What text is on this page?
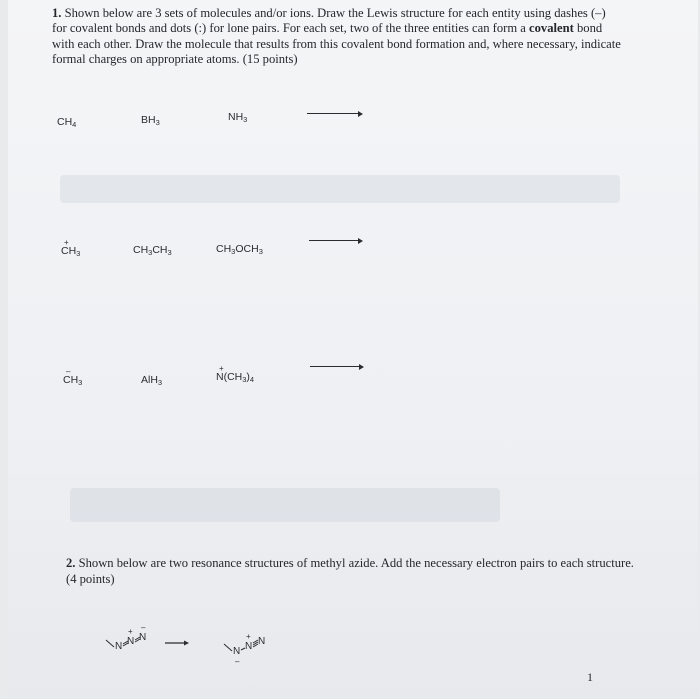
1. Shown below are 3 sets of molecules and/or ions. Draw the Lewis structure for each entity using dashes (–) for covalent bonds and dots (:) for lone pairs. For each set, two of the three entities can form a covalent bond with each other. Draw the molecule that results from this covalent bond formation and, where necessary, indicate formal charges on appropriate atoms. (15 points)
$CH_4$	$BH_3$	$NH_3$
+
$CH_3$	$CH_3CH_3$	$CH_3OCH_3$
–
$CH_3$	AlH$_3$
+
$N(CH_3)_4$
2. Shown below are two resonance structures of methyl azide. Add the necessary electron pairs to each structure. (4 points)
N N
+
N
–
N
–
N
+ N
1
